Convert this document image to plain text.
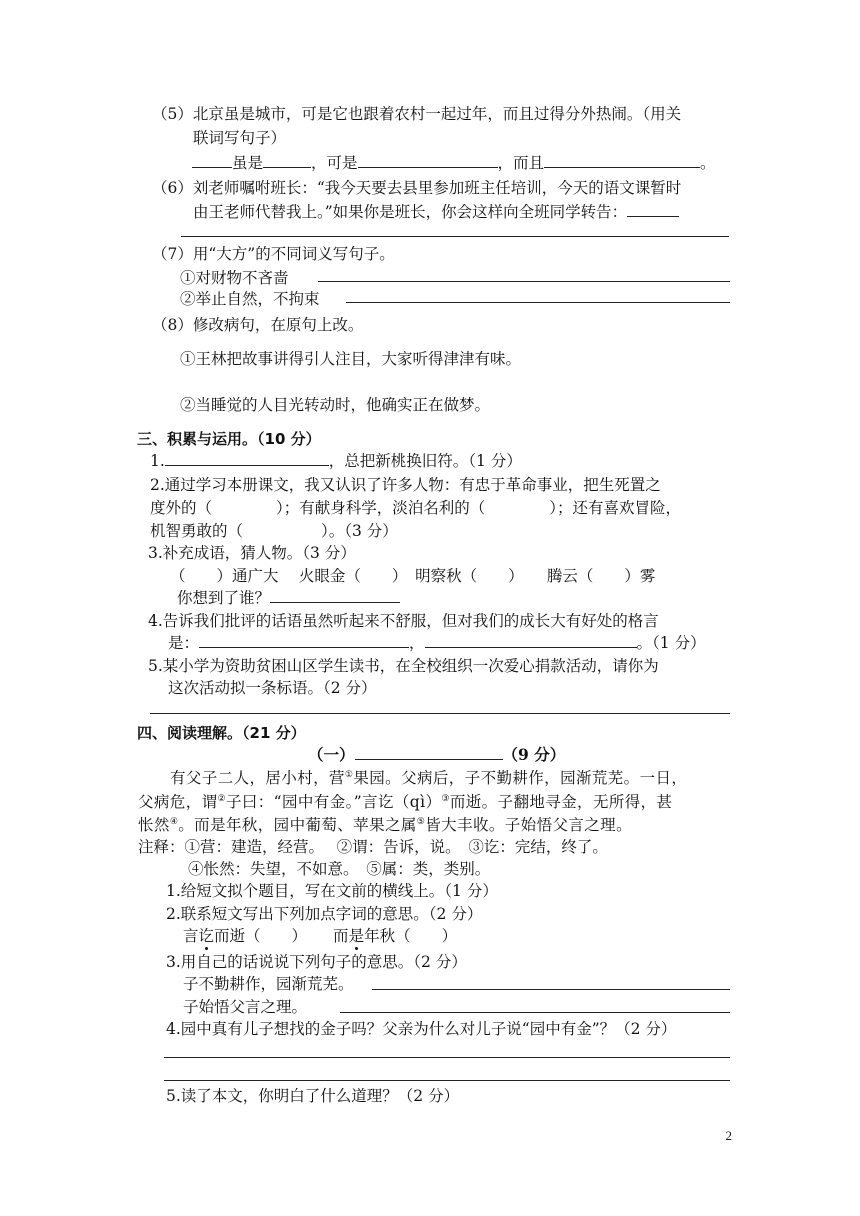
（5）北京虽是城市，可是它也跟着农村一起过年，而且过得分外热闹。（用关
联词写句子）
虽是	，可是	，而且	。
（6）刘老师嘱咐班长：“我今天要去县里参加班主任培训，今天的语文课暂时
由王老师代替我上。”如果你是班长，你会这样向全班同学转告：
（7）用“大方”的不同词义写句子。
①对财物不吝啬
②举止自然，不拘束
（8）修改病句，在原句上改。
①王林把故事讲得引人注目，大家听得津津有味。
②当睡觉的人目光转动时，他确实正在做梦。
三、积累与运用。（10 分）
1.	，总把新桃换旧符。（1 分）
2.通过学习本册课文，我又认识了许多人物：有忠于革命事业，把生死置之
度外的（	）；有献身科学，淡泊名利的（	）；还有喜欢冒险，
机智勇敢的（	）。（3 分）
3.补充成语，猜人物。（3 分）
（　　）通广大　 火眼金（　　）　明察秋（　　）　　腾云（　　）雾
你想到了谁？
4.告诉我们批评的话语虽然听起来不舒服，但对我们的成长大有好处的格言
是：	，	。（1 分）
5.某小学为资助贫困山区学生读书，在全校组织一次爱心捐款活动，请你为
这次活动拟一条标语。（2 分）
四、阅读理解。（21 分）
（一）	（9 分）
有父子二人，居小村，营①果园。父病后，子不勤耕作，园渐荒芜。一日，
父病危，谓②子曰：“园中有金。”言讫（qì）③而逝。子翻地寻金，无所得，甚
怅然④。而是年秋，园中葡萄、苹果之属⑤皆大丰收。子始悟父言之理。
注释：①营：建造，经营。　 ②谓：告诉，说。　③讫：完结，终了。
④怅然：失望，不如意。　⑤属：类，类别。
1.给短文拟个题目，写在文前的横线上。（1 分）
2.联系短文写出下列加点字词的意思。（2 分）
言讫而逝（　　） 而是年秋（　　）
3.用自己的话说说下列句子的意思。（2 分）
子不勤耕作，园渐荒芜。
子始悟父言之理。
4.园中真有儿子想找的金子吗？父亲为什么对儿子说“园中有金”？（2 分）
5.读了本文，你明白了什么道理？（2 分）
2
